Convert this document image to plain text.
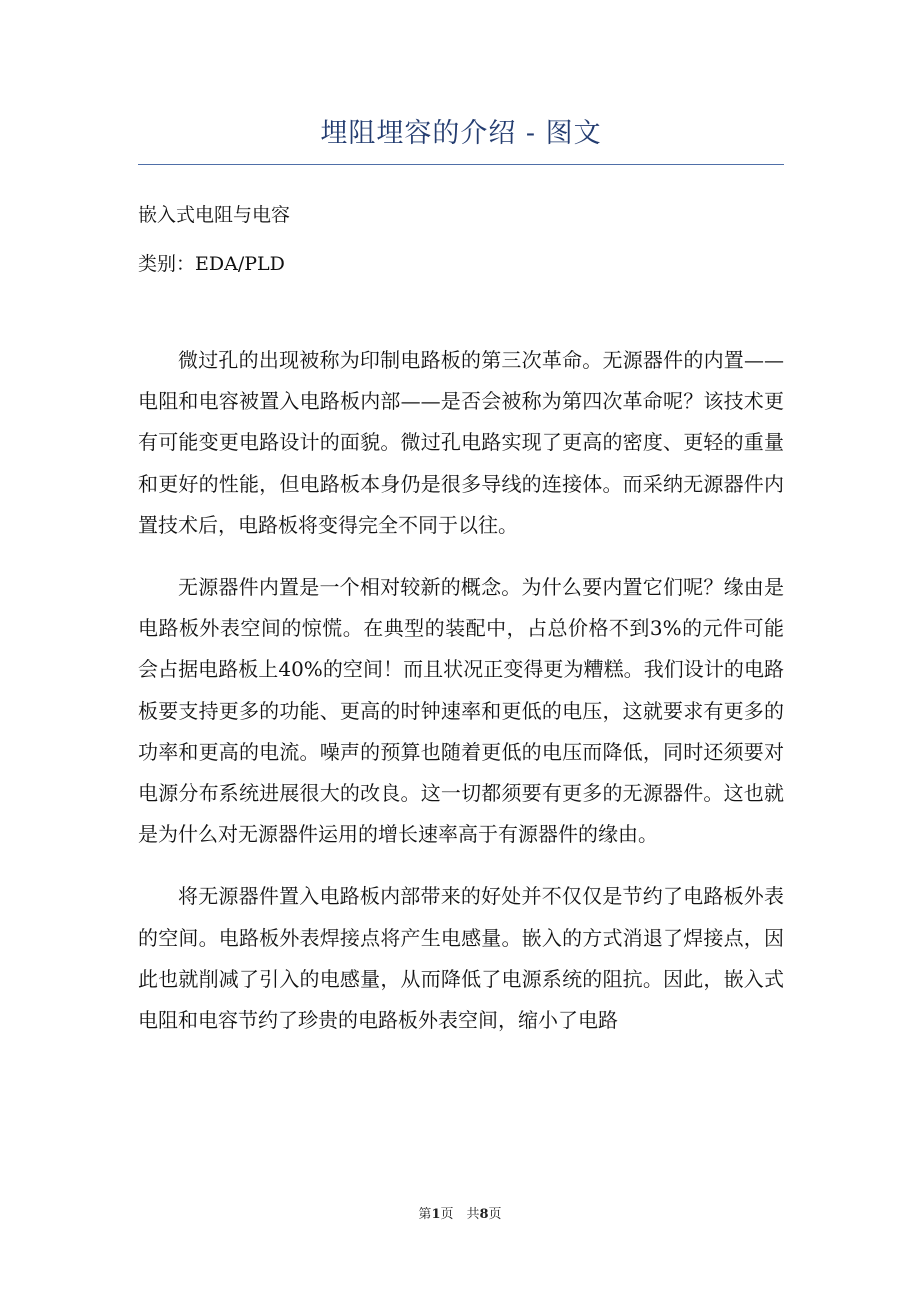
埋阻埋容的介绍 - 图文
嵌入式电阻与电容
类别：EDA/PLD

微过孔的出现被称为印制电路板的第三次革命。无源器件的内置——电阻和电容被置入电路板内部——是否会被称为第四次革命呢？该技术更有可能变更电路设计的面貌。微过孔电路实现了更高的密度、更轻的重量和更好的性能，但电路板本身仍是很多导线的连接体。而采纳无源器件内置技术后，电路板将变得完全不同于以往。

无源器件内置是一个相对较新的概念。为什么要内置它们呢？缘由是电路板外表空间的惊慌。在典型的装配中，占总价格不到3%的元件可能会占据电路板上40%的空间！而且状况正变得更为糟糕。我们设计的电路板要支持更多的功能、更高的时钟速率和更低的电压，这就要求有更多的功率和更高的电流。噪声的预算也随着更低的电压而降低，同时还须要对电源分布系统进展很大的改良。这一切都须要有更多的无源器件。这也就是为什么对无源器件运用的增长速率高于有源器件的缘由。

将无源器件置入电路板内部带来的好处并不仅仅是节约了电路板外表的空间。电路板外表焊接点将产生电感量。嵌入的方式消退了焊接点，因此也就削减了引入的电感量，从而降低了电源系统的阻抗。因此，嵌入式电阻和电容节约了珍贵的电路板外表空间，缩小了电路

第1页　共8页
